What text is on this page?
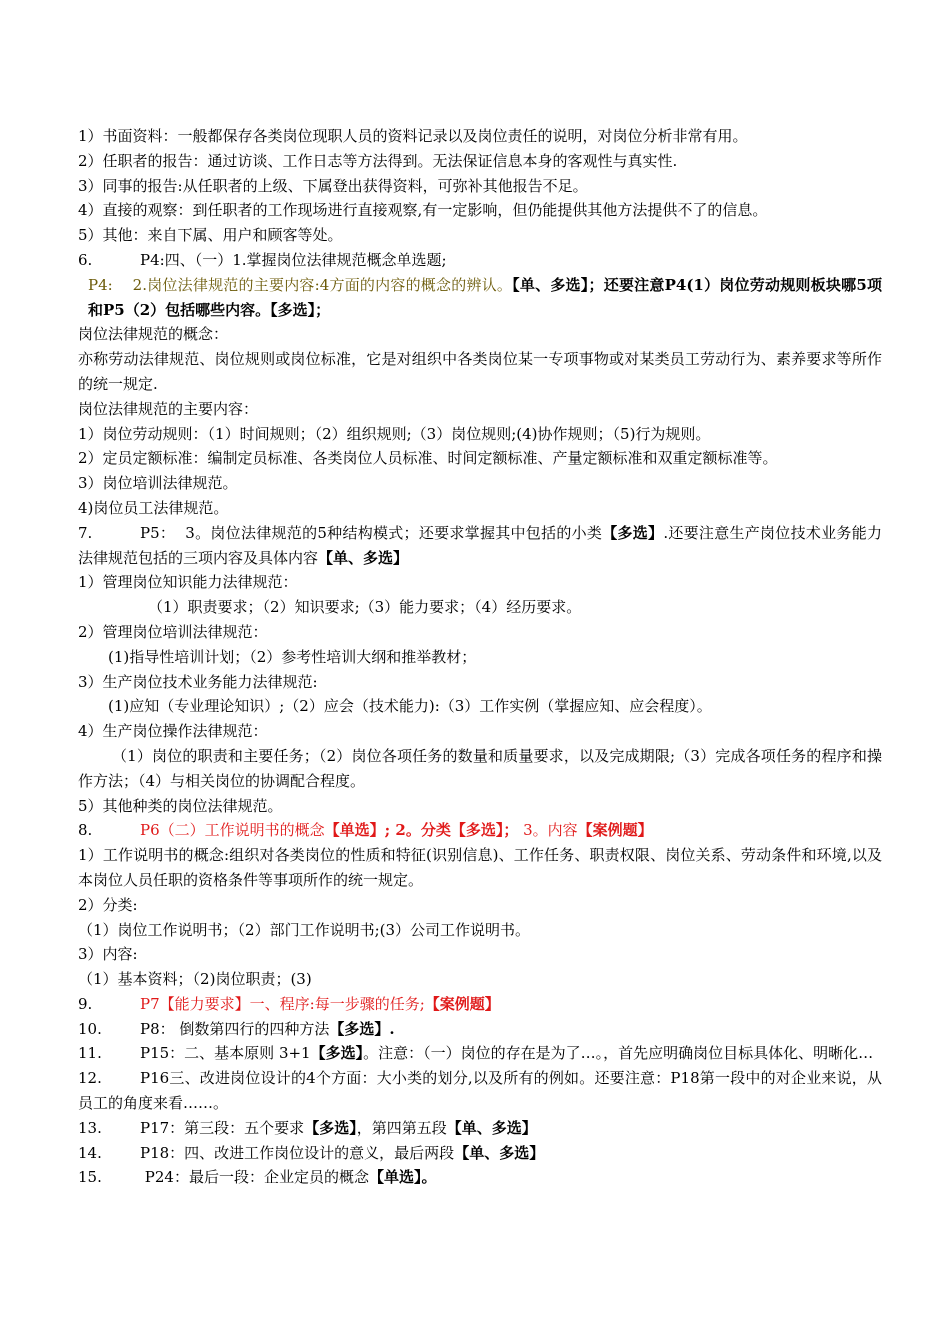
1）书面资料：一般都保存各类岗位现职人员的资料记录以及岗位责任的说明，对岗位分析非常有用。

2）任职者的报告：通过访谈、工作日志等方法得到。无法保证信息本身的客观性与真实性.

3）同事的报告:从任职者的上级、下属登出获得资料，可弥补其他报告不足。

4）直接的观察：到任职者的工作现场进行直接观察,有一定影响，但仍能提供其他方法提供不了的信息。

5）其他：来自下属、用户和顾客等处。

6.	P4:四、（一）1.掌握岗位法律规范概念单选题;

P4: 2.岗位法律规范的主要内容:4方面的内容的概念的辨认。【单、多选】；还要注意P4(1）岗位劳动规则板块哪5项和P5（2）包括哪些内容。【多选】；

岗位法律规范的概念：

亦称劳动法律规范、岗位规则或岗位标准，它是对组织中各类岗位某一专项事物或对某类员工劳动行为、素养要求等所作的统一规定.

岗位法律规范的主要内容：

1）岗位劳动规则：（1）时间规则；（2）组织规则;（3）岗位规则;(4)协作规则；（5)行为规则。

2）定员定额标准：编制定员标准、各类岗位人员标准、时间定额标准、产量定额标准和双重定额标准等。

3）岗位培训法律规范。

4)岗位员工法律规范。

7.	P5： 3。岗位法律规范的5种结构模式；还要求掌握其中包括的小类【多选】.还要注意生产岗位技术业务能力法律规范包括的三项内容及具体内容【单、多选】

1）管理岗位知识能力法律规范：

（1）职责要求；（2）知识要求;（3）能力要求；（4）经历要求。

2）管理岗位培训法律规范：

(1)指导性培训计划；（2）参考性培训大纲和推举教材；

3）生产岗位技术业务能力法律规范:

(1)应知（专业理论知识）;（2）应会（技术能力):（3）工作实例（掌握应知、应会程度）。

4）生产岗位操作法律规范：

（1）岗位的职责和主要任务；（2）岗位各项任务的数量和质量要求，以及完成期限;（3）完成各项任务的程序和操作方法；（4）与相关岗位的协调配合程度。

5）其他种类的岗位法律规范。

8.	P6（二）工作说明书的概念【单选】; 2。分类【多选】； 3。内容【案例题】

1）工作说明书的概念:组织对各类岗位的性质和特征(识别信息)、工作任务、职责权限、岗位关系、劳动条件和环境,以及本岗位人员任职的资格条件等事项所作的统一规定。

2）分类:

（1）岗位工作说明书；（2）部门工作说明书;(3）公司工作说明书。

3）内容:

（1）基本资料；（2)岗位职责；(3)

9.	P7【能力要求】一、程序:每一步骤的任务;【案例题】

10.	P8： 倒数第四行的四种方法【多选】.

11.	P15：二、基本原则 3+1【多选】。注意：（一）岗位的存在是为了…。，首先应明确岗位目标具体化、明晰化…

12.	P16三、改进岗位设计的4个方面：大小类的划分,以及所有的例如。还要注意：P18第一段中的对企业来说，从员工的角度来看……。

13.	P17：第三段：五个要求【多选】，第四第五段【单、多选】

14.	P18：四、改进工作岗位设计的意义，最后两段【单、多选】

15.	P24：最后一段：企业定员的概念【单选】。
